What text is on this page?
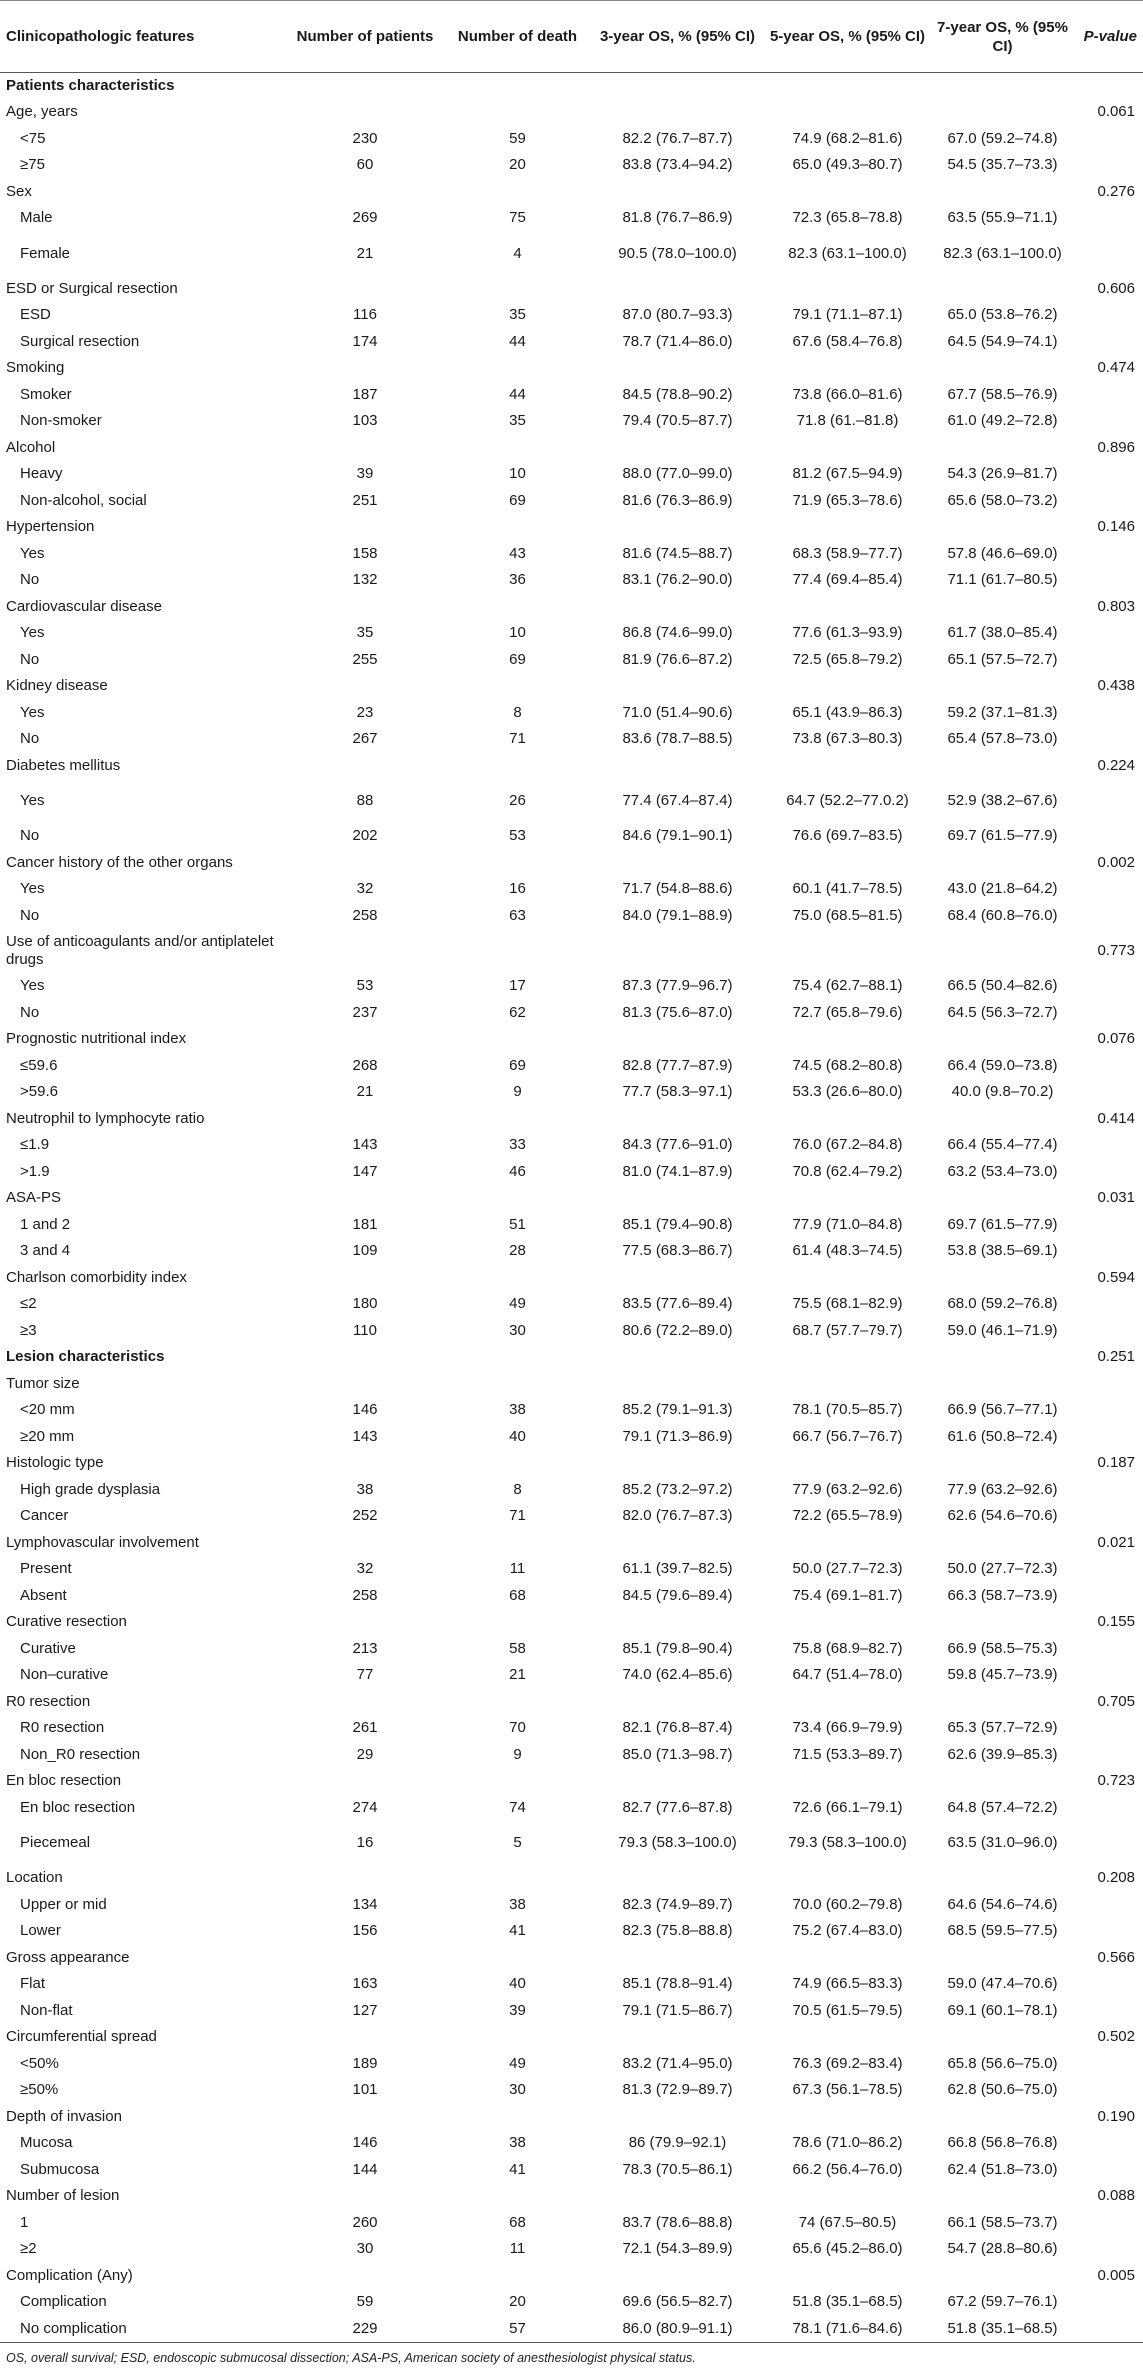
Clinicopathologic features	Number of patients	Number of death	3-year OS, % (95% CI)	5-year OS, % (95% CI)	7-year OS, % (95% CI)	P-value
Patients characteristics						
Age, years						0.061
<75	230	59	82.2 (76.7–87.7)	74.9 (68.2–81.6)	67.0 (59.2–74.8)	
≥75	60	20	83.8 (73.4–94.2)	65.0 (49.3–80.7)	54.5 (35.7–73.3)	
Sex						0.276
Male	269	75	81.8 (76.7–86.9)	72.3 (65.8–78.8)	63.5 (55.9–71.1)	
Female	21	4	90.5 (78.0–100.0)	82.3 (63.1–100.0)	82.3 (63.1–100.0)	
ESD or Surgical resection						0.606
ESD	116	35	87.0 (80.7–93.3)	79.1 (71.1–87.1)	65.0 (53.8–76.2)	
Surgical resection	174	44	78.7 (71.4–86.0)	67.6 (58.4–76.8)	64.5 (54.9–74.1)	
Smoking						0.474
Smoker	187	44	84.5 (78.8–90.2)	73.8 (66.0–81.6)	67.7 (58.5–76.9)	
Non-smoker	103	35	79.4 (70.5–87.7)	71.8 (61.–81.8)	61.0 (49.2–72.8)	
Alcohol						0.896
Heavy	39	10	88.0 (77.0–99.0)	81.2 (67.5–94.9)	54.3 (26.9–81.7)	
Non-alcohol, social	251	69	81.6 (76.3–86.9)	71.9 (65.3–78.6)	65.6 (58.0–73.2)	
Hypertension						0.146
Yes	158	43	81.6 (74.5–88.7)	68.3 (58.9–77.7)	57.8 (46.6–69.0)	
No	132	36	83.1 (76.2–90.0)	77.4 (69.4–85.4)	71.1 (61.7–80.5)	
Cardiovascular disease						0.803
Yes	35	10	86.8 (74.6–99.0)	77.6 (61.3–93.9)	61.7 (38.0–85.4)	
No	255	69	81.9 (76.6–87.2)	72.5 (65.8–79.2)	65.1 (57.5–72.7)	
Kidney disease						0.438
Yes	23	8	71.0 (51.4–90.6)	65.1 (43.9–86.3)	59.2 (37.1–81.3)	
No	267	71	83.6 (78.7–88.5)	73.8 (67.3–80.3)	65.4 (57.8–73.0)	
Diabetes mellitus						0.224
Yes	88	26	77.4 (67.4–87.4)	64.7 (52.2–77.0.2)	52.9 (38.2–67.6)	
No	202	53	84.6 (79.1–90.1)	76.6 (69.7–83.5)	69.7 (61.5–77.9)	
Cancer history of the other organs						0.002
Yes	32	16	71.7 (54.8–88.6)	60.1 (41.7–78.5)	43.0 (21.8–64.2)	
No	258	63	84.0 (79.1–88.9)	75.0 (68.5–81.5)	68.4 (60.8–76.0)	
Use of anticoagulants and/or antiplatelet drugs						0.773
Yes	53	17	87.3 (77.9–96.7)	75.4 (62.7–88.1)	66.5 (50.4–82.6)	
No	237	62	81.3 (75.6–87.0)	72.7 (65.8–79.6)	64.5 (56.3–72.7)	
Prognostic nutritional index						0.076
≤59.6	268	69	82.8 (77.7–87.9)	74.5 (68.2–80.8)	66.4 (59.0–73.8)	
>59.6	21	9	77.7 (58.3–97.1)	53.3 (26.6–80.0)	40.0 (9.8–70.2)	
Neutrophil to lymphocyte ratio						0.414
≤1.9	143	33	84.3 (77.6–91.0)	76.0 (67.2–84.8)	66.4 (55.4–77.4)	
>1.9	147	46	81.0 (74.1–87.9)	70.8 (62.4–79.2)	63.2 (53.4–73.0)	
ASA-PS						0.031
1 and 2	181	51	85.1 (79.4–90.8)	77.9 (71.0–84.8)	69.7 (61.5–77.9)	
3 and 4	109	28	77.5 (68.3–86.7)	61.4 (48.3–74.5)	53.8 (38.5–69.1)	
Charlson comorbidity index						0.594
≤2	180	49	83.5 (77.6–89.4)	75.5 (68.1–82.9)	68.0 (59.2–76.8)	
≥3	110	30	80.6 (72.2–89.0)	68.7 (57.7–79.7)	59.0 (46.1–71.9)	
Lesion characteristics						0.251
Tumor size						
<20 mm	146	38	85.2 (79.1–91.3)	78.1 (70.5–85.7)	66.9 (56.7–77.1)	
≥20 mm	143	40	79.1 (71.3–86.9)	66.7 (56.7–76.7)	61.6 (50.8–72.4)	
Histologic type						0.187
High grade dysplasia	38	8	85.2 (73.2–97.2)	77.9 (63.2–92.6)	77.9 (63.2–92.6)	
Cancer	252	71	82.0 (76.7–87.3)	72.2 (65.5–78.9)	62.6 (54.6–70.6)	
Lymphovascular involvement						0.021
Present	32	11	61.1 (39.7–82.5)	50.0 (27.7–72.3)	50.0 (27.7–72.3)	
Absent	258	68	84.5 (79.6–89.4)	75.4 (69.1–81.7)	66.3 (58.7–73.9)	
Curative resection						0.155
Curative	213	58	85.1 (79.8–90.4)	75.8 (68.9–82.7)	66.9 (58.5–75.3)	
Non–curative	77	21	74.0 (62.4–85.6)	64.7 (51.4–78.0)	59.8 (45.7–73.9)	
R0 resection						0.705
R0 resection	261	70	82.1 (76.8–87.4)	73.4 (66.9–79.9)	65.3 (57.7–72.9)	
Non_R0 resection	29	9	85.0 (71.3–98.7)	71.5 (53.3–89.7)	62.6 (39.9–85.3)	
En bloc resection						0.723
En bloc resection	274	74	82.7 (77.6–87.8)	72.6 (66.1–79.1)	64.8 (57.4–72.2)	
Piecemeal	16	5	79.3 (58.3–100.0)	79.3 (58.3–100.0)	63.5 (31.0–96.0)	
Location						0.208
Upper or mid	134	38	82.3 (74.9–89.7)	70.0 (60.2–79.8)	64.6 (54.6–74.6)	
Lower	156	41	82.3 (75.8–88.8)	75.2 (67.4–83.0)	68.5 (59.5–77.5)	
Gross appearance						0.566
Flat	163	40	85.1 (78.8–91.4)	74.9 (66.5–83.3)	59.0 (47.4–70.6)	
Non-flat	127	39	79.1 (71.5–86.7)	70.5 (61.5–79.5)	69.1 (60.1–78.1)	
Circumferential spread						0.502
<50%	189	49	83.2 (71.4–95.0)	76.3 (69.2–83.4)	65.8 (56.6–75.0)	
≥50%	101	30	81.3 (72.9–89.7)	67.3 (56.1–78.5)	62.8 (50.6–75.0)	
Depth of invasion						0.190
Mucosa	146	38	86 (79.9–92.1)	78.6 (71.0–86.2)	66.8 (56.8–76.8)	
Submucosa	144	41	78.3 (70.5–86.1)	66.2 (56.4–76.0)	62.4 (51.8–73.0)	
Number of lesion						0.088
1	260	68	83.7 (78.6–88.8)	74 (67.5–80.5)	66.1 (58.5–73.7)	
≥2	30	11	72.1 (54.3–89.9)	65.6 (45.2–86.0)	54.7 (28.8–80.6)	
Complication (Any)						0.005
Complication	59	20	69.6 (56.5–82.7)	51.8 (35.1–68.5)	67.2 (59.7–76.1)	
No complication	229	57	86.0 (80.9–91.1)	78.1 (71.6–84.6)	51.8 (35.1–68.5)	
OS, overall survival; ESD, endoscopic submucosal dissection; ASA-PS, American society of anesthesiologist physical status.
